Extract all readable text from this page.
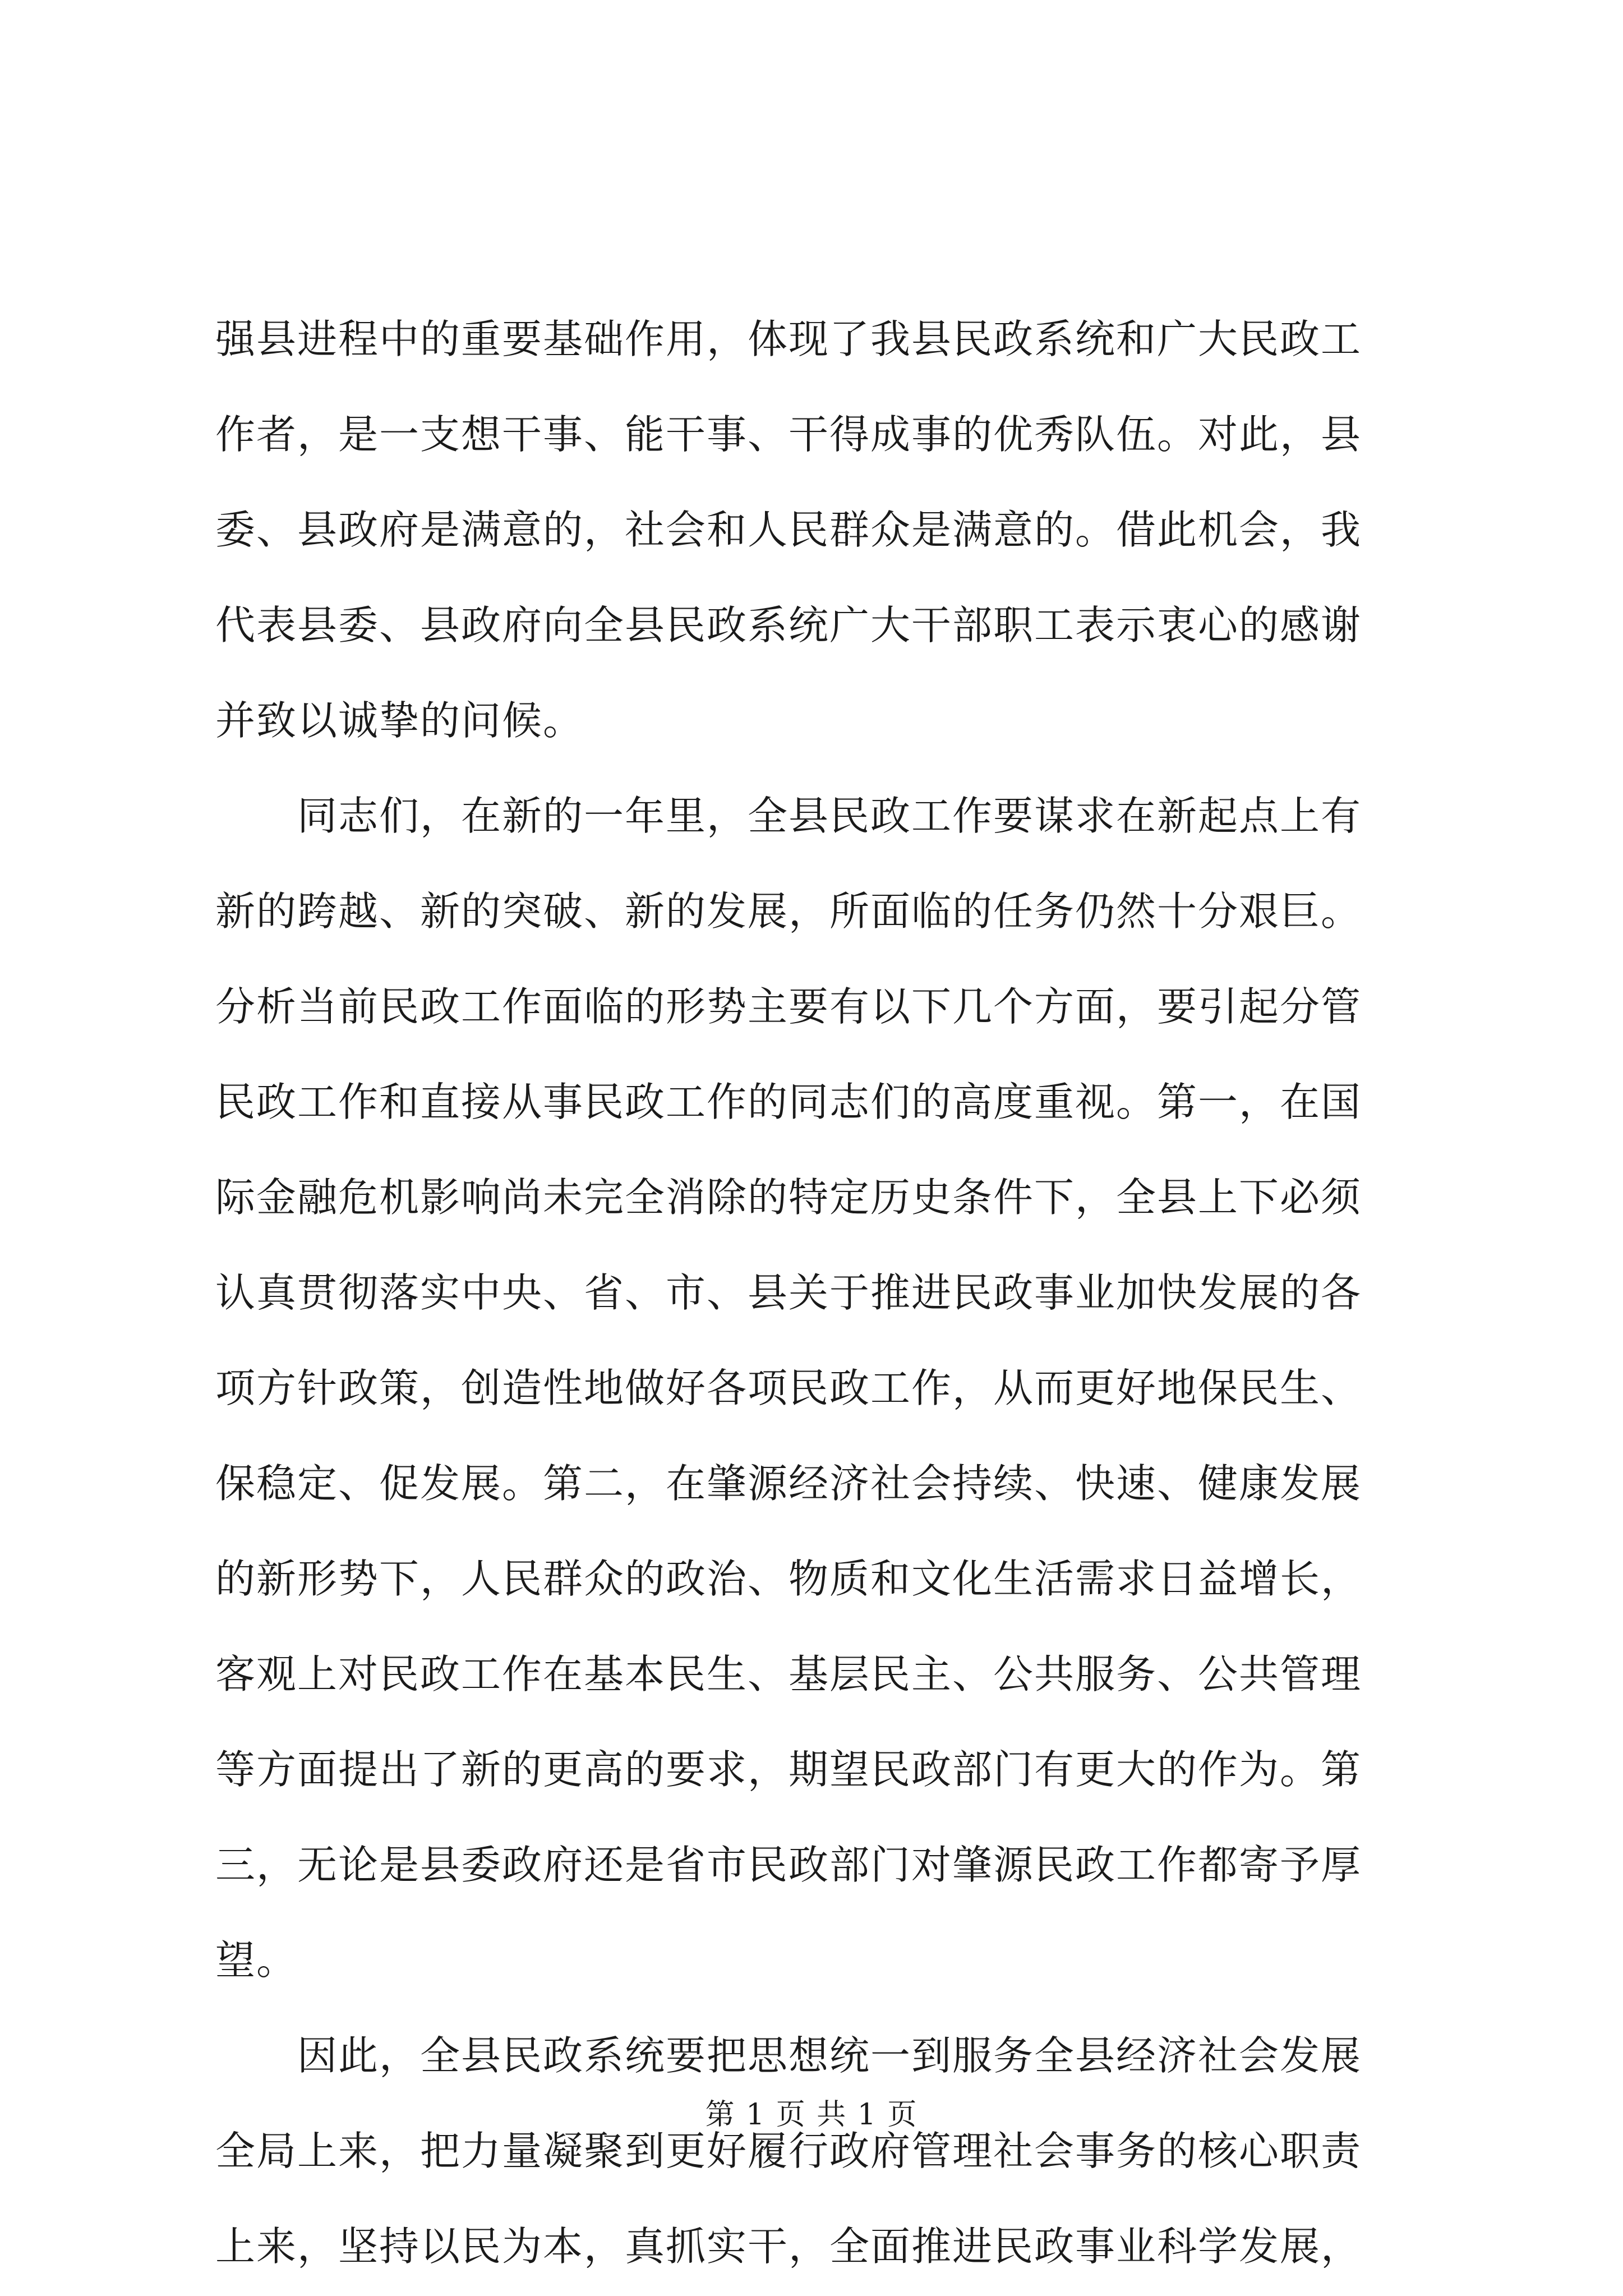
强县进程中的重要基础作用，体现了我县民政系统和广大民政工
作者，是一支想干事、能干事、干得成事的优秀队伍。对此，县
委、县政府是满意的，社会和人民群众是满意的。借此机会，我
代表县委、县政府向全县民政系统广大干部职工表示衷心的感谢
并致以诚挚的问候。
　　同志们，在新的一年里，全县民政工作要谋求在新起点上有
新的跨越、新的突破、新的发展，所面临的任务仍然十分艰巨。
分析当前民政工作面临的形势主要有以下几个方面，要引起分管
民政工作和直接从事民政工作的同志们的高度重视。第一，在国
际金融危机影响尚未完全消除的特定历史条件下，全县上下必须
认真贯彻落实中央、省、市、县关于推进民政事业加快发展的各
项方针政策，创造性地做好各项民政工作，从而更好地保民生、
保稳定、促发展。第二，在肇源经济社会持续、快速、健康发展
的新形势下，人民群众的政治、物质和文化生活需求日益增长，
客观上对民政工作在基本民生、基层民主、公共服务、公共管理
等方面提出了新的更高的要求，期望民政部门有更大的作为。第
三，无论是县委政府还是省市民政部门对肇源民政工作都寄予厚
望。
　　因此，全县民政系统要把思想统一到服务全县经济社会发展
全局上来，把力量凝聚到更好履行政府管理社会事务的核心职责
上来，坚持以民为本，真抓实干，全面推进民政事业科学发展，
第 1 页 共 1 页
